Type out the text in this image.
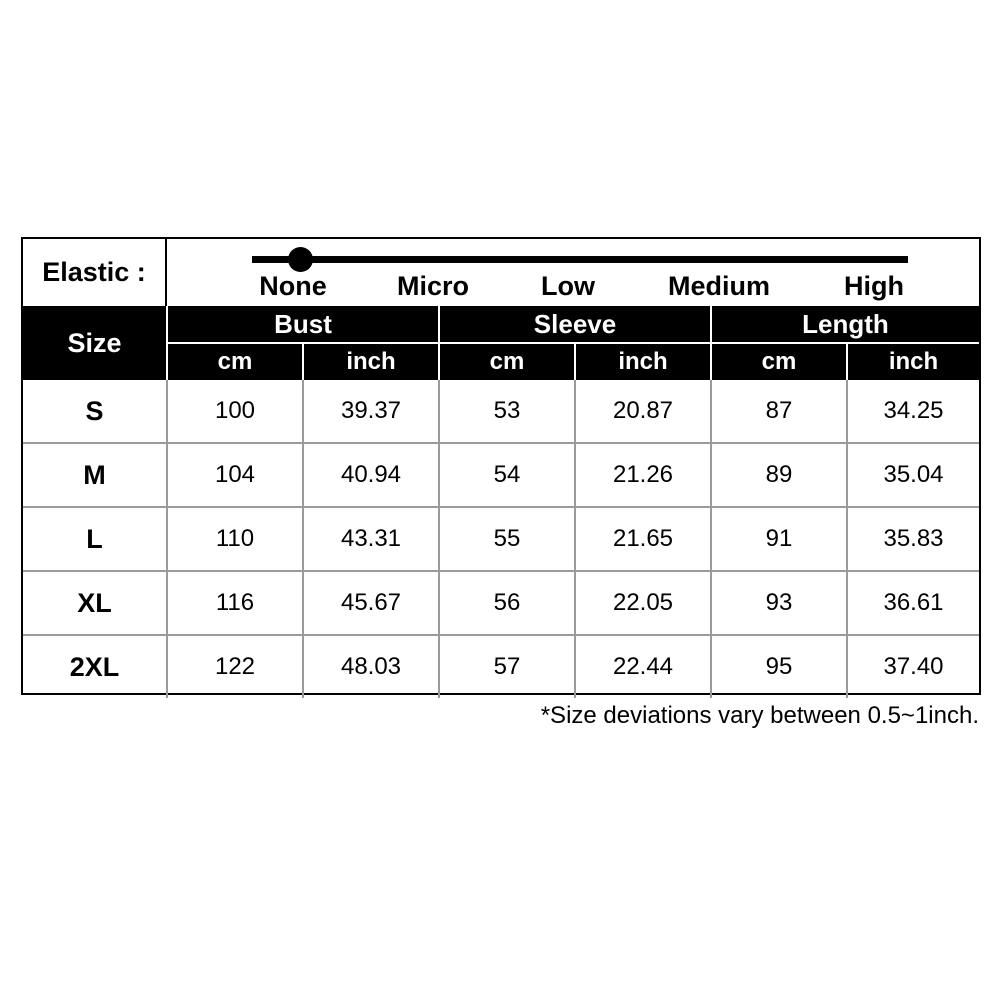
Elastic :	None	Micro	Low	Medium	High
Size	Bust		Sleeve		Length	
	cm	inch	cm	inch	cm	inch
S	100	39.37	53	20.87	87	34.25
M	104	40.94	54	21.26	89	35.04
L	110	43.31	55	21.65	91	35.83
XL	116	45.67	56	22.05	93	36.61
2XL	122	48.03	57	22.44	95	37.40
*Size deviations vary between 0.5~1inch.
